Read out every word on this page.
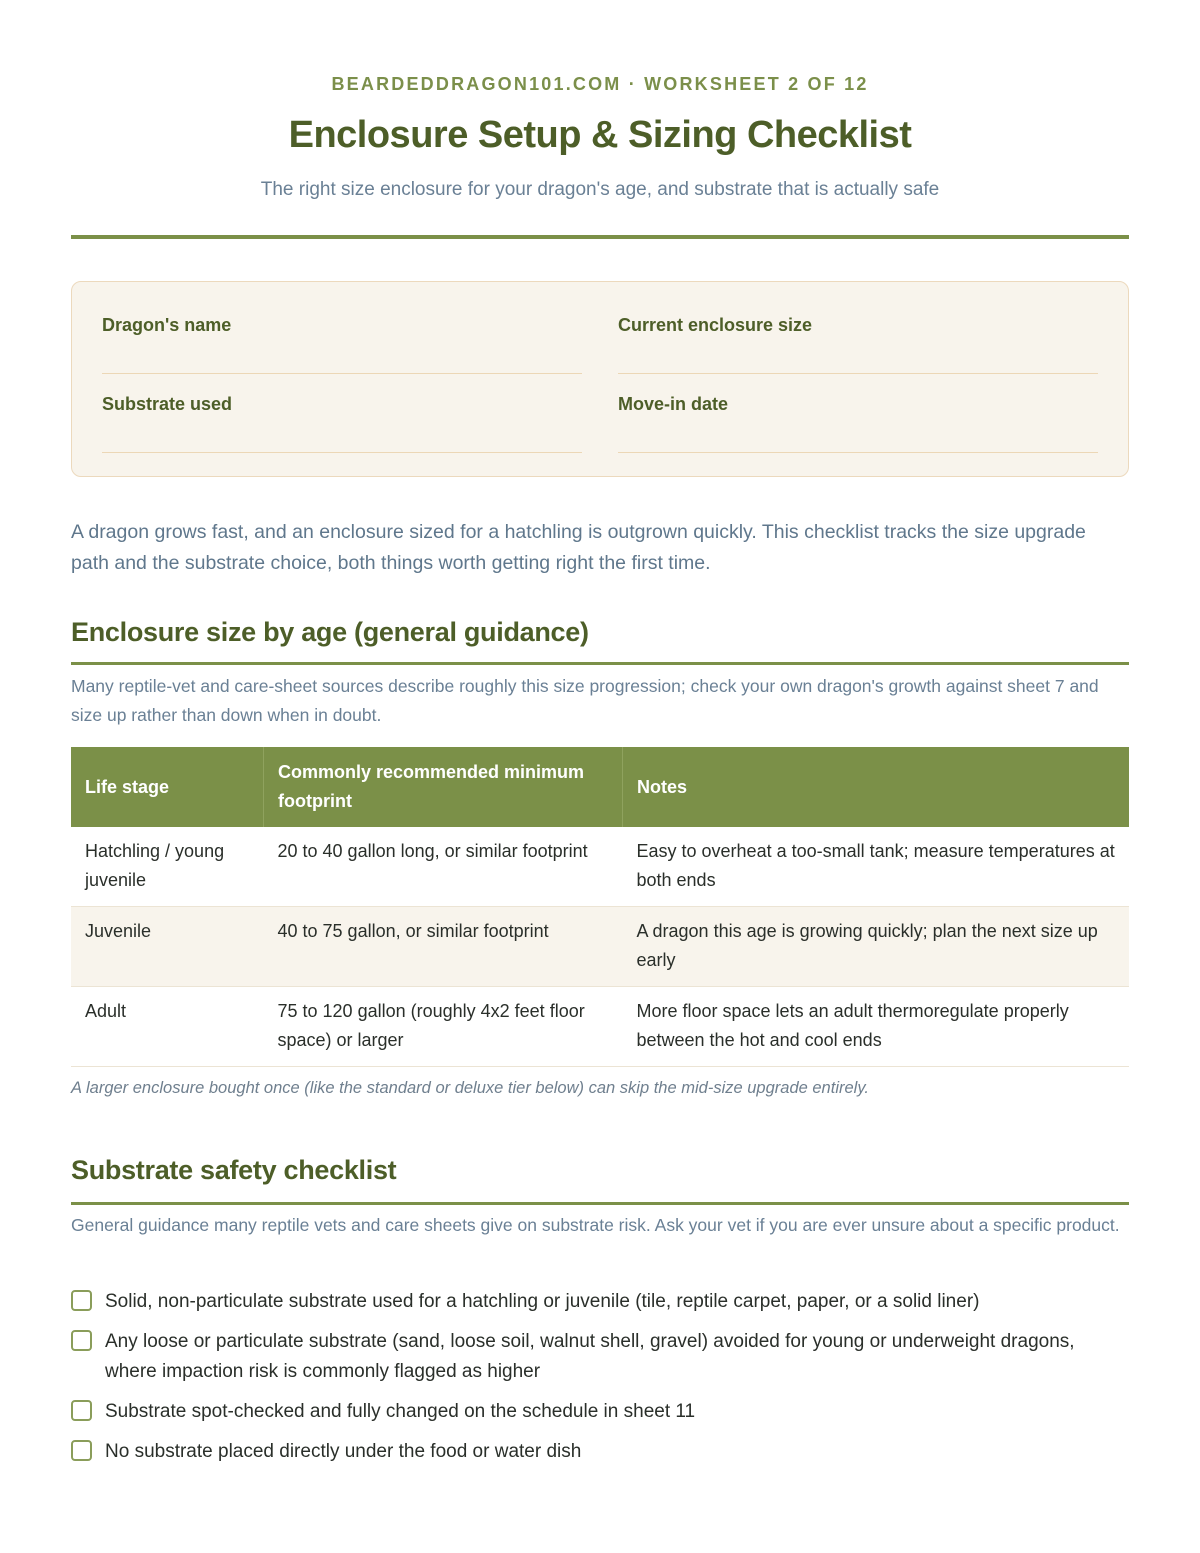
BEARDEDDRAGON101.COM · WORKSHEET 2 OF 12
Enclosure Setup & Sizing Checklist
The right size enclosure for your dragon's age, and substrate that is actually safe
Dragon's name	Current enclosure size
Substrate used	Move-in date
A dragon grows fast, and an enclosure sized for a hatchling is outgrown quickly. This checklist tracks the size upgrade path and the substrate choice, both things worth getting right the first time.
Enclosure size by age (general guidance)
Many reptile-vet and care-sheet sources describe roughly this size progression; check your own dragon's growth against sheet 7 and size up rather than down when in doubt.
Life stage	Commonly recommended minimum footprint	Notes
Hatchling / young juvenile	20 to 40 gallon long, or similar footprint	Easy to overheat a too-small tank; measure temperatures at both ends
Juvenile	40 to 75 gallon, or similar footprint	A dragon this age is growing quickly; plan the next size up early
Adult	75 to 120 gallon (roughly 4x2 feet floor space) or larger	More floor space lets an adult thermoregulate properly between the hot and cool ends
A larger enclosure bought once (like the standard or deluxe tier below) can skip the mid-size upgrade entirely.
Substrate safety checklist
General guidance many reptile vets and care sheets give on substrate risk. Ask your vet if you are ever unsure about a specific product.
Solid, non-particulate substrate used for a hatchling or juvenile (tile, reptile carpet, paper, or a solid liner)
Any loose or particulate substrate (sand, loose soil, walnut shell, gravel) avoided for young or underweight dragons, where impaction risk is commonly flagged as higher
Substrate spot-checked and fully changed on the schedule in sheet 11
No substrate placed directly under the food or water dish
